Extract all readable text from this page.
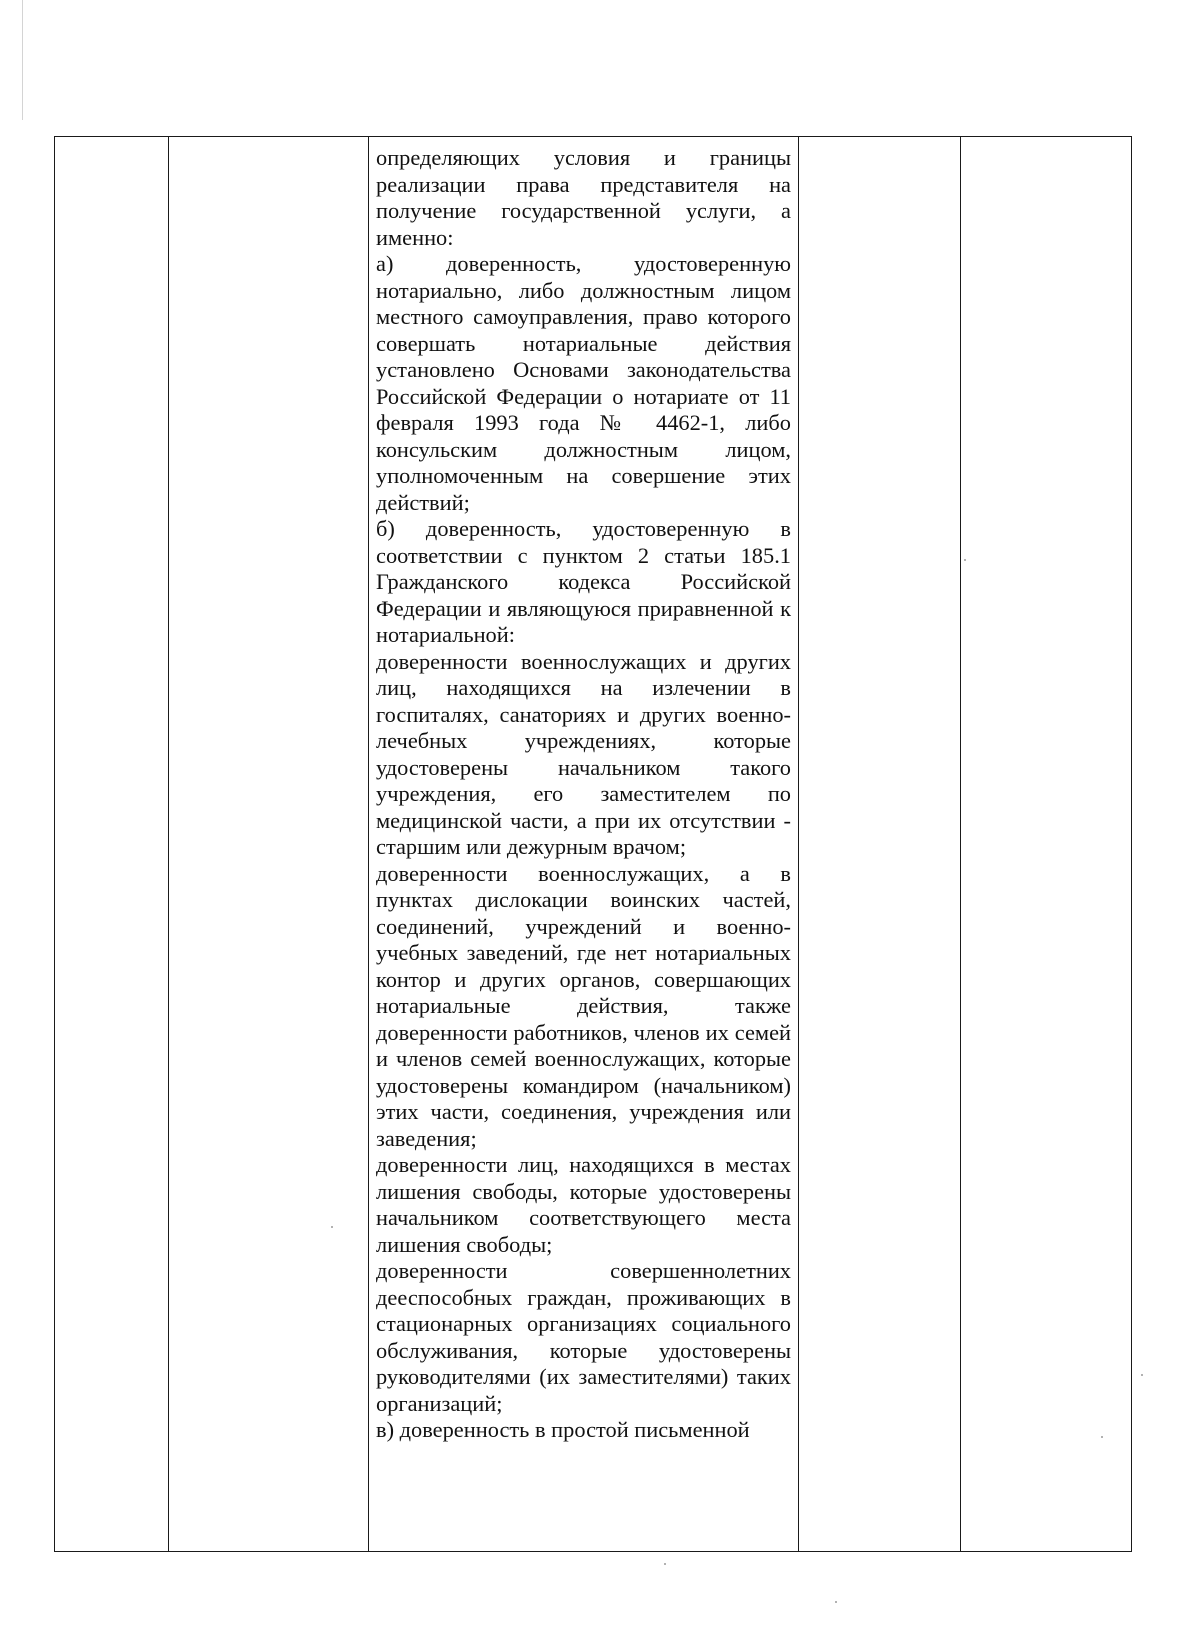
определяющих условия и границы реализации права представителя на получение государственной услуги, а именно:

а) доверенность, удостоверенную нотариально, либо должностным лицом местного самоуправления, право которого совершать нотариальные действия установлено Основами законодательства Российской Федерации о нотариате от 11 февраля 1993 года № 4462-1, либо консульским должностным лицом, уполномоченным на совершение этих действий;

б) доверенность, удостоверенную в соответствии с пунктом 2 статьи 185.1 Гражданского кодекса Российской Федерации и являющуюся приравненной к нотариальной:

доверенности военнослужащих и других лиц, находящихся на излечении в госпиталях, санаториях и других военно-лечебных учреждениях, которые удостоверены начальником такого учреждения, его заместителем по медицинской части, а при их отсутствии - старшим или дежурным врачом;

доверенности военнослужащих, а в пунктах дислокации воинских частей, соединений, учреждений и военно-учебных заведений, где нет нотариальных контор и других органов, совершающих нотариальные действия, также доверенности работников, членов их семей и членов семей военнослужащих, которые удостоверены командиром (начальником) этих части, соединения, учреждения или заведения;

доверенности лиц, находящихся в местах лишения свободы, которые удостоверены начальником соответствующего места лишения свободы;

доверенности совершеннолетних дееспособных граждан, проживающих в стационарных организациях социального обслуживания, которые удостоверены руководителями (их заместителями) таких организаций;

в) доверенность в простой письменной
